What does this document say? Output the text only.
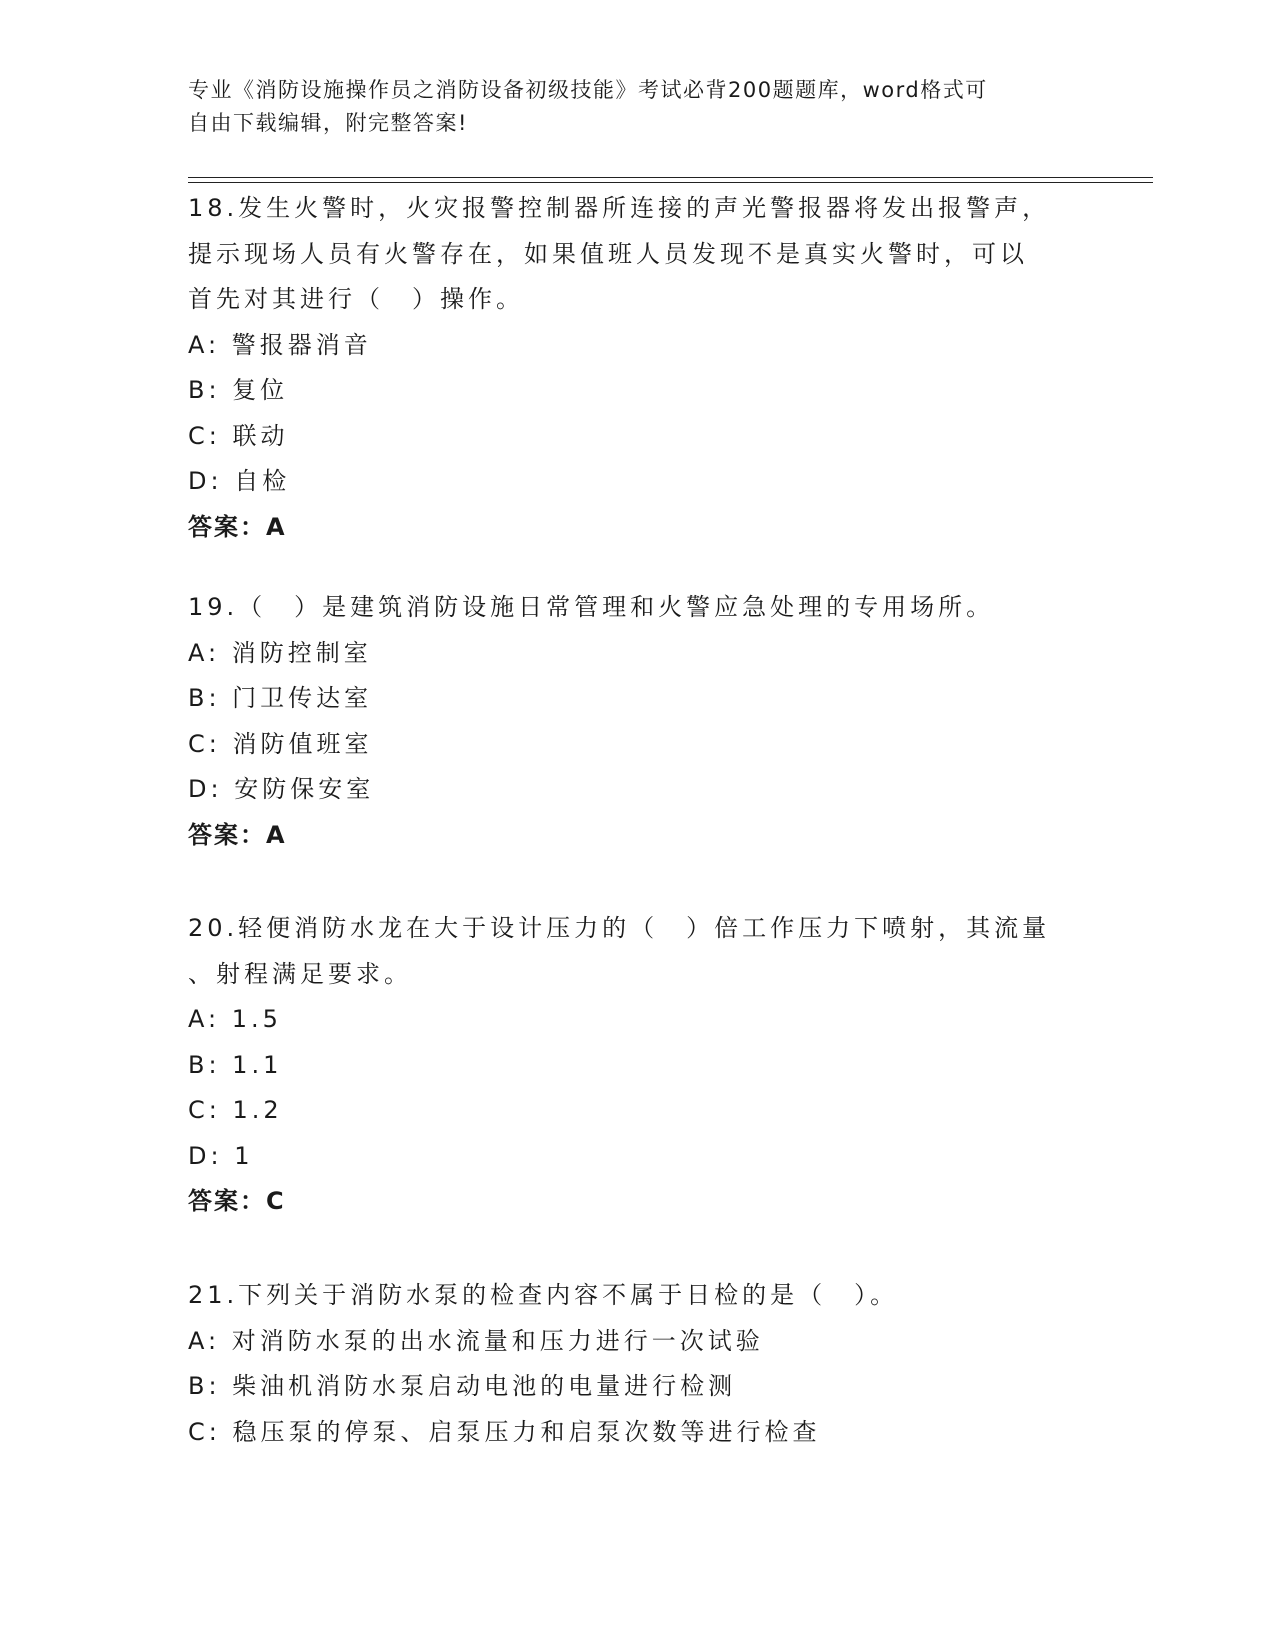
专业《消防设施操作员之消防设备初级技能》考试必背200题题库，word格式可
自由下载编辑，附完整答案!
18.发生火警时，火灾报警控制器所连接的声光警报器将发出报警声，
提示现场人员有火警存在，如果值班人员发现不是真实火警时，可以
首先对其进行（　）操作。
A: 警报器消音
B: 复位
C: 联动
D: 自检
答案：A
19.（　）是建筑消防设施日常管理和火警应急处理的专用场所。
A: 消防控制室
B: 门卫传达室
C: 消防值班室
D: 安防保安室
答案：A
20.轻便消防水龙在大于设计压力的（　）倍工作压力下喷射，其流量
、射程满足要求。
A: 1.5
B: 1.1
C: 1.2
D: 1
答案：C
21.下列关于消防水泵的检查内容不属于日检的是（　）。
A: 对消防水泵的出水流量和压力进行一次试验
B: 柴油机消防水泵启动电池的电量进行检测
C: 稳压泵的停泵、启泵压力和启泵次数等进行检查
